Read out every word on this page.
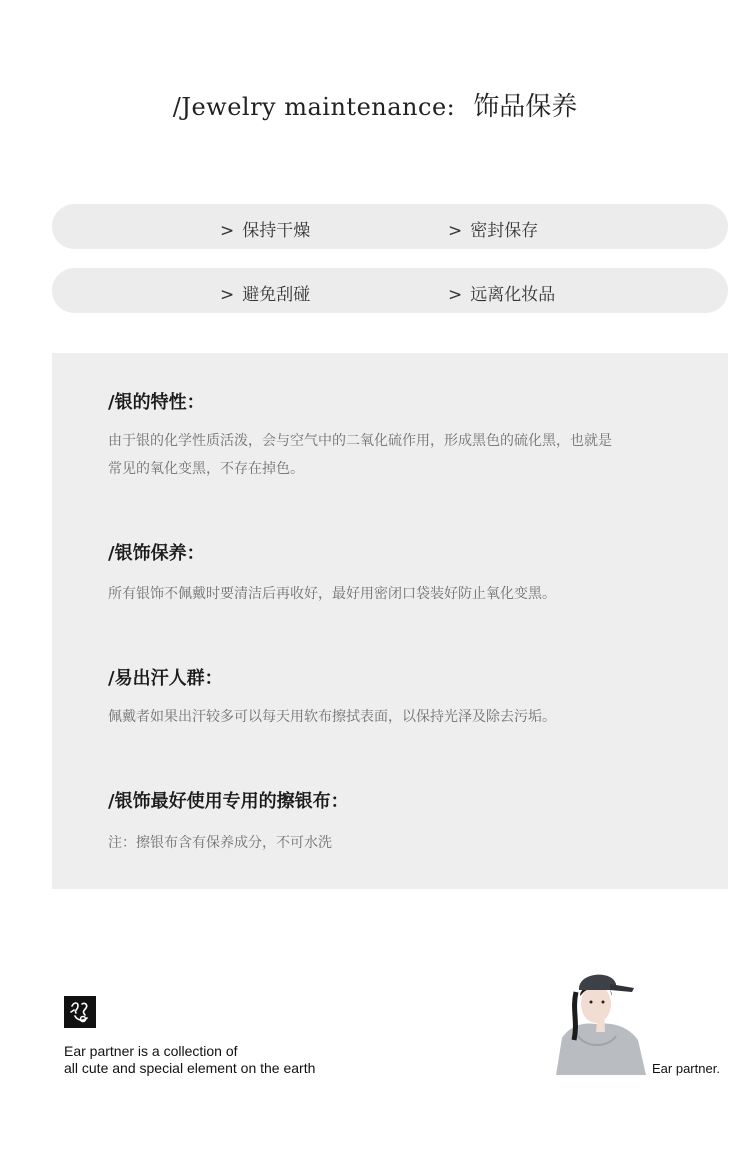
/Jewelry maintenance: 饰品保养
> 保持干燥	> 密封保存
> 避免刮碰	> 远离化妆品
/银的特性：
由于银的化学性质活泼，会与空气中的二氧化硫作用，形成黑色的硫化黑，也就是
常见的氧化变黑，不存在掉色。
/银饰保养：
所有银饰不佩戴时要清洁后再收好，最好用密闭口袋装好防止氧化变黑。
/易出汗人群：
佩戴者如果出汗较多可以每天用软布擦拭表面，以保持光泽及除去污垢。
/银饰最好使用专用的擦银布：
注：擦银布含有保养成分，不可水洗
Ear partner is a collection of
all cute and special element on the earth	Ear partner.
